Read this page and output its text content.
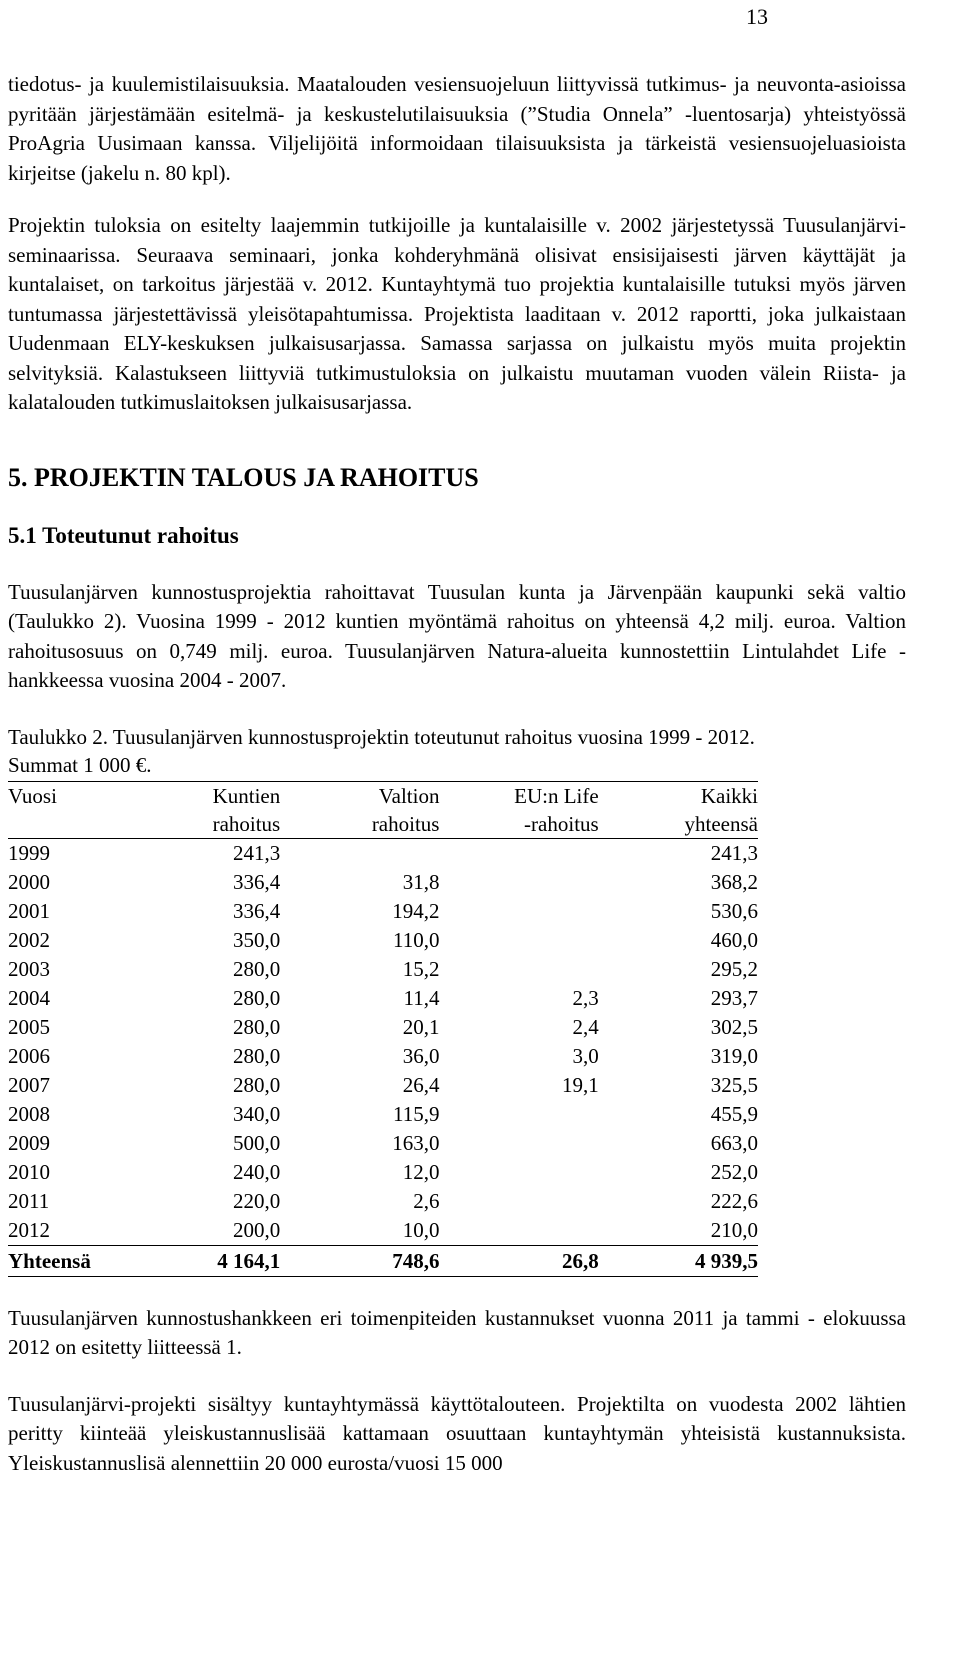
13

tiedotus- ja kuulemistilaisuuksia. Maatalouden vesiensuojeluun liittyvissä tutkimus- ja neuvonta-asioissa pyritään järjestämään esitelmä- ja keskustelutilaisuuksia (”Studia Onnela” -luentosarja) yhteistyössä ProAgria Uusimaan kanssa. Viljelijöitä informoidaan tilaisuuksista ja tärkeistä vesiensuojeluasioista kirjeitse (jakelu n. 80 kpl).

Projektin tuloksia on esitelty laajemmin tutkijoille ja kuntalaisille v. 2002 järjestetyssä Tuusulanjärvi-seminaarissa. Seuraava seminaari, jonka kohderyhmänä olisivat ensisijaisesti järven käyttäjät ja kuntalaiset, on tarkoitus järjestää v. 2012. Kuntayhtymä tuo projektia kuntalaisille tutuksi myös järven tuntumassa järjestettävissä yleisötapahtumissa. Projektista laaditaan v. 2012 raportti, joka julkaistaan Uudenmaan ELY-keskuksen julkaisusarjassa. Samassa sarjassa on julkaistu myös muita projektin selvityksiä. Kalastukseen liittyviä tutkimustuloksia on julkaistu muutaman vuoden välein Riista- ja kalatalouden tutkimuslaitoksen julkaisusarjassa.

5. PROJEKTIN TALOUS JA RAHOITUS
5.1 Toteutunut rahoitus

Tuusulanjärven kunnostusprojektia rahoittavat Tuusulan kunta ja Järvenpään kaupunki sekä valtio (Taulukko 2). Vuosina 1999 - 2012 kuntien myöntämä rahoitus on yhteensä 4,2 milj. euroa. Valtion rahoitusosuus on 0,749 milj. euroa. Tuusulanjärven Natura-alueita kunnostettiin Lintulahdet Life -hankkeessa vuosina 2004 - 2007.

Taulukko 2. Tuusulanjärven kunnostusprojektin toteutunut rahoitus vuosina 1999 - 2012.

Summat 1 000 €.

Vuosi	Kuntien	Valtion	EU:n Life	Kaikki
	rahoitus	rahoitus	-rahoitus	yhteensä
1999	241,3			241,3
2000	336,4	31,8		368,2
2001	336,4	194,2		530,6
2002	350,0	110,0		460,0
2003	280,0	15,2		295,2
2004	280,0	11,4	2,3	293,7
2005	280,0	20,1	2,4	302,5
2006	280,0	36,0	3,0	319,0
2007	280,0	26,4	19,1	325,5
2008	340,0	115,9		455,9
2009	500,0	163,0		663,0
2010	240,0	12,0		252,0
2011	220,0	2,6		222,6
2012	200,0	10,0		210,0
Yhteensä	4 164,1	748,6	26,8	4 939,5

Tuusulanjärven kunnostushankkeen eri toimenpiteiden kustannukset vuonna 2011 ja tammi - elokuussa 2012 on esitetty liitteessä 1.

Tuusulanjärvi-projekti sisältyy kuntayhtymässä käyttötalouteen. Projektilta on vuodesta 2002 lähtien peritty kiinteää yleiskustannuslisää kattamaan osuuttaan kuntayhtymän yhteisistä kustannuksista. Yleiskustannuslisä alennettiin 20 000 eurosta/vuosi 15 000
